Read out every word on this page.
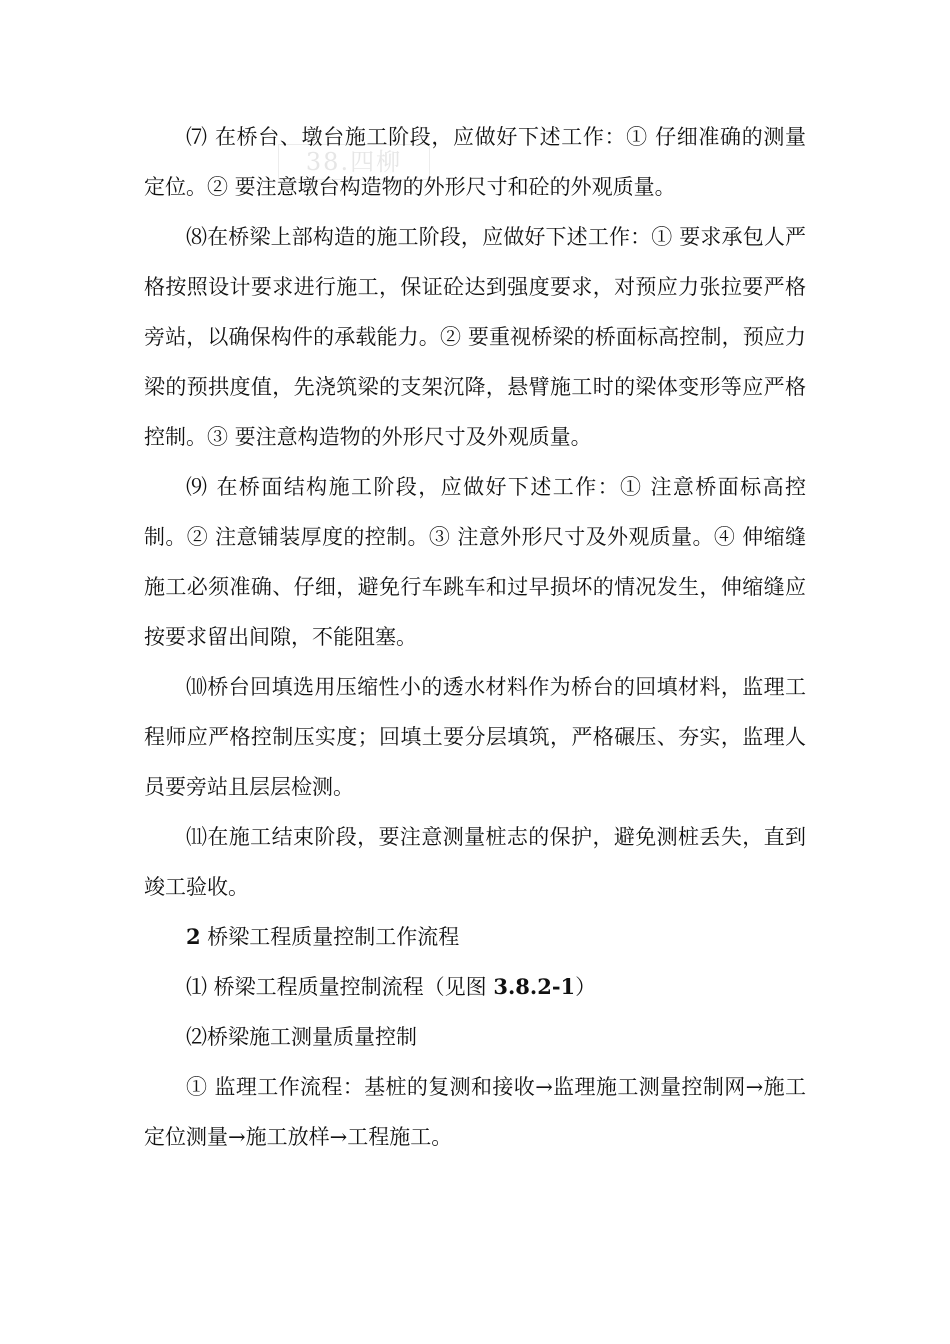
38.四柳

⑺ 在桥台、墩台施工阶段，应做好下述工作：① 仔细准确的测量定位。② 要注意墩台构造物的外形尺寸和砼的外观质量。

⑻在桥梁上部构造的施工阶段，应做好下述工作：① 要求承包人严格按照设计要求进行施工，保证砼达到强度要求，对预应力张拉要严格旁站，以确保构件的承载能力。② 要重视桥梁的桥面标高控制，预应力梁的预拱度值，先浇筑梁的支架沉降，悬臂施工时的梁体变形等应严格控制。③ 要注意构造物的外形尺寸及外观质量。

⑼ 在桥面结构施工阶段，应做好下述工作：① 注意桥面标高控制。② 注意铺装厚度的控制。③ 注意外形尺寸及外观质量。④ 伸缩缝施工必须准确、仔细，避免行车跳车和过早损坏的情况发生，伸缩缝应按要求留出间隙，不能阻塞。

⑽桥台回填选用压缩性小的透水材料作为桥台的回填材料，监理工程师应严格控制压实度；回填土要分层填筑，严格碾压、夯实，监理人员要旁站且层层检测。

⑾在施工结束阶段，要注意测量桩志的保护，避免测桩丢失，直到竣工验收。

2 桥梁工程质量控制工作流程

⑴ 桥梁工程质量控制流程（见图 3.8.2-1）

⑵桥梁施工测量质量控制

① 监理工作流程：基桩的复测和接收→监理施工测量控制网→施工定位测量→施工放样→工程施工。
